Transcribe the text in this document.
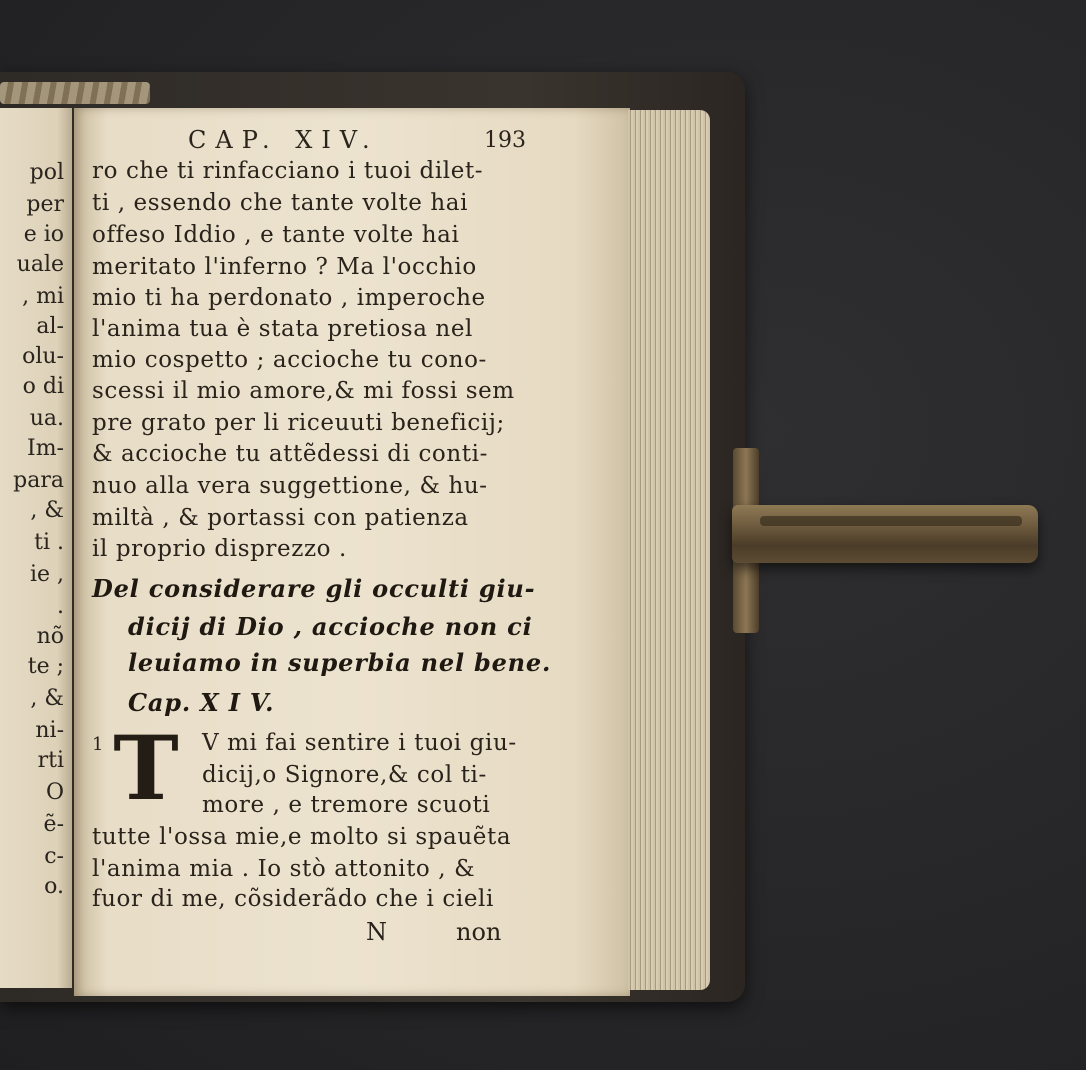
pol
per
e io
uale
, mi
al-
olu-
o di
ua.
Im-
para
, &
ti .
ie ,
.
nõ
te ;
, &
ni-
rti
O
ẽ-
c-
o.
CAP. XIV.	193
ro che ti rinfacciano i tuoi dilet-
ti , essendo che tante volte hai
offeso Iddio , e tante volte hai
meritato l'inferno ? Ma l'occhio
mio ti ha perdonato , imperoche
l'anima tua è stata pretiosa nel
mio cospetto ; accioche tu cono-
scessi il mio amore,& mi fossi sem
pre grato per li riceuuti beneficij;
& accioche tu attẽdessi di conti-
nuo alla vera suggettione, & hu-
miltà , & portassi con patienza
il proprio disprezzo .
Del considerare gli occulti giu-
dicij di Dio , accioche non ci
leuiamo in superbia nel bene.
Cap. X I V.
1 T V mi fai sentire i tuoi giu-
dicij,o Signore,& col ti-
more , e tremore scuoti
tutte l'ossa mie,e molto si spauẽta
l'anima mia . Io stò attonito , &
fuor di me, cõsiderãdo che i cieli
N	non
